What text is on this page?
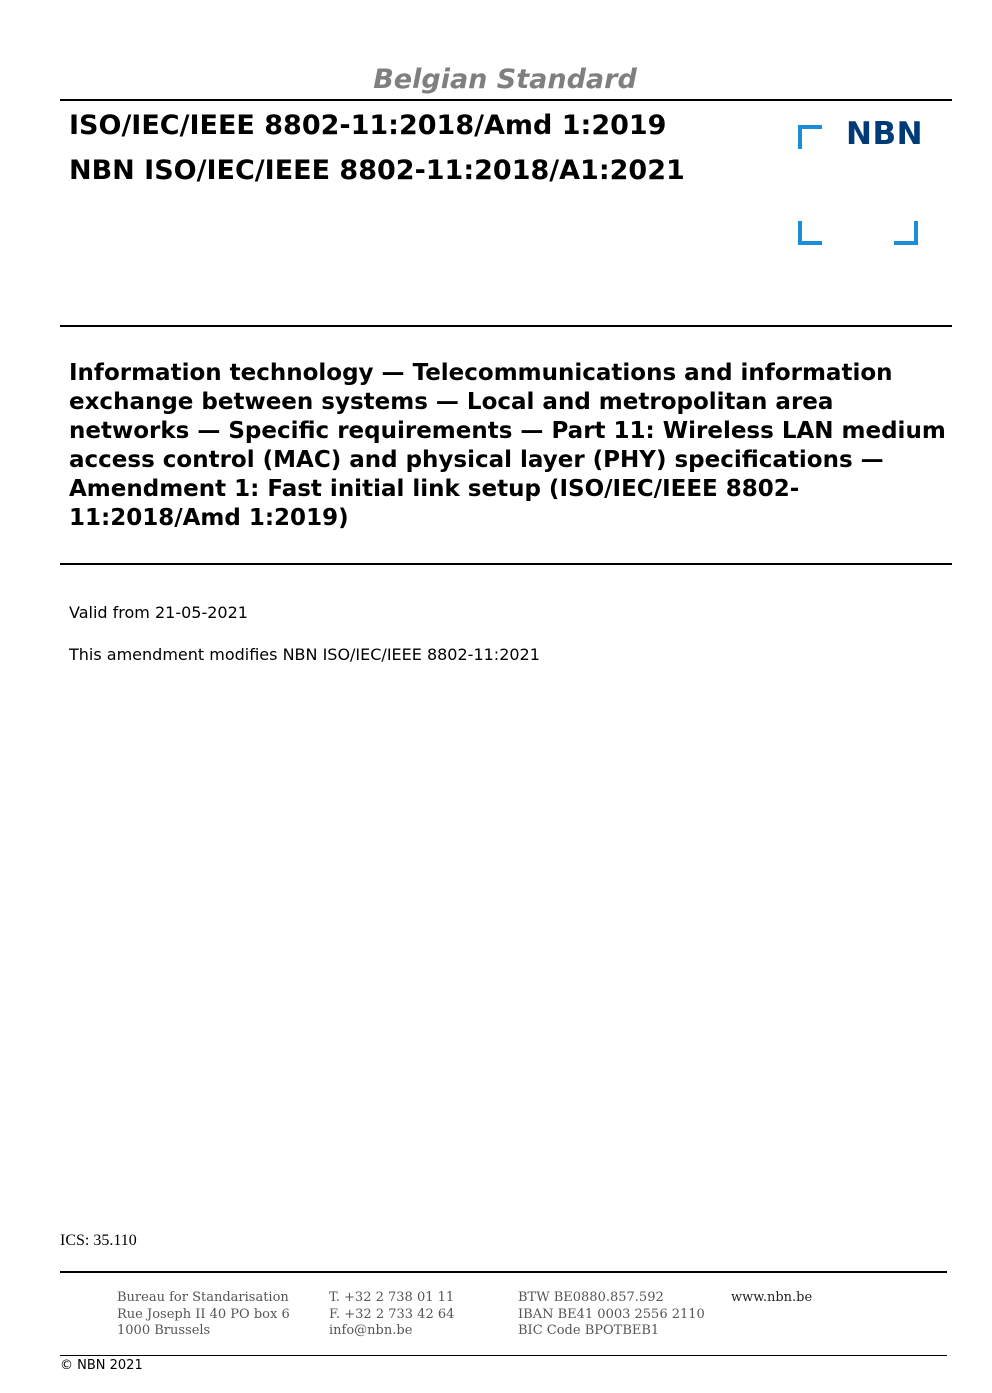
Belgian Standard
ISO/IEC/IEEE 8802-11:2018/Amd 1:2019
NBN ISO/IEC/IEEE 8802-11:2018/A1:2021
NBN
Information technology — Telecommunications and information exchange between systems — Local and metropolitan area networks — Specific requirements — Part 11: Wireless LAN medium access control (MAC) and physical layer (PHY) specifications — Amendment 1: Fast initial link setup (ISO/IEC/IEEE 8802-11:2018/Amd 1:2019)
Valid from 21-05-2021
This amendment modifies NBN ISO/IEC/IEEE 8802-11:2021
ICS: 35.110
Bureau for Standarisation
Rue Joseph II 40 PO box 6
1000 Brussels
T. +32 2 738 01 11
F. +32 2 733 42 64
info@nbn.be
BTW BE0880.857.592
IBAN BE41 0003 2556 2110
BIC Code BPOTBEB1
www.nbn.be
© NBN 2021
